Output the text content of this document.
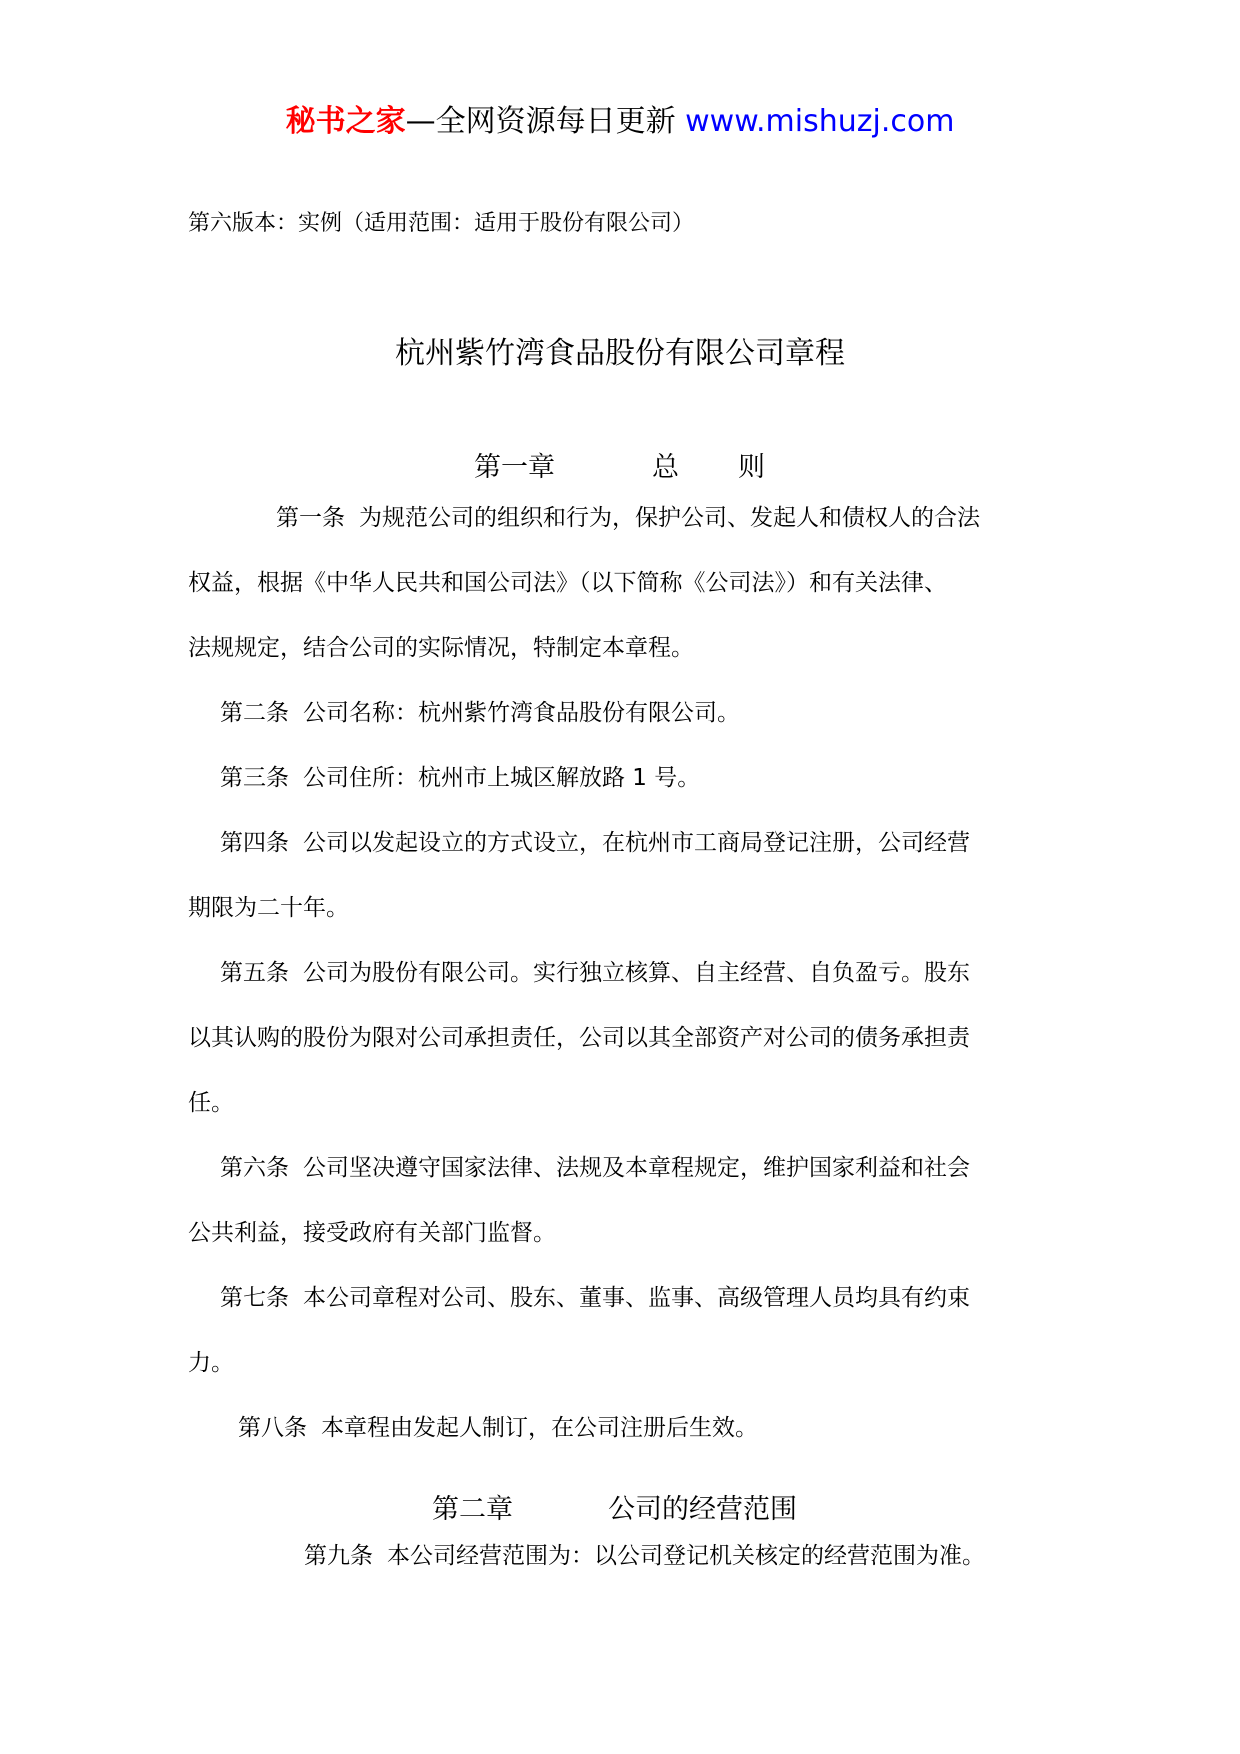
秘书之家—全网资源每日更新 www.mishuzj.com
第六版本：实例（适用范围：适用于股份有限公司）
杭州紫竹湾食品股份有限公司章程
第一章	总 则
第一条 为规范公司的组织和行为，保护公司、发起人和债权人的合法
权益，根据《中华人民共和国公司法》（以下简称《公司法》）和有关法律、
法规规定，结合公司的实际情况，特制定本章程。
第二条 公司名称：杭州紫竹湾食品股份有限公司。
第三条 公司住所：杭州市上城区解放路 1 号。
第四条 公司以发起设立的方式设立，在杭州市工商局登记注册，公司经营
期限为二十年。
第五条 公司为股份有限公司。实行独立核算、自主经营、自负盈亏。股东
以其认购的股份为限对公司承担责任，公司以其全部资产对公司的债务承担责
任。
第六条 公司坚决遵守国家法律、法规及本章程规定，维护国家利益和社会
公共利益，接受政府有关部门监督。
第七条 本公司章程对公司、股东、董事、监事、高级管理人员均具有约束
力。
第八条 本章程由发起人制订，在公司注册后生效。
第二章	公司的经营范围
第九条 本公司经营范围为：以公司登记机关核定的经营范围为准。
